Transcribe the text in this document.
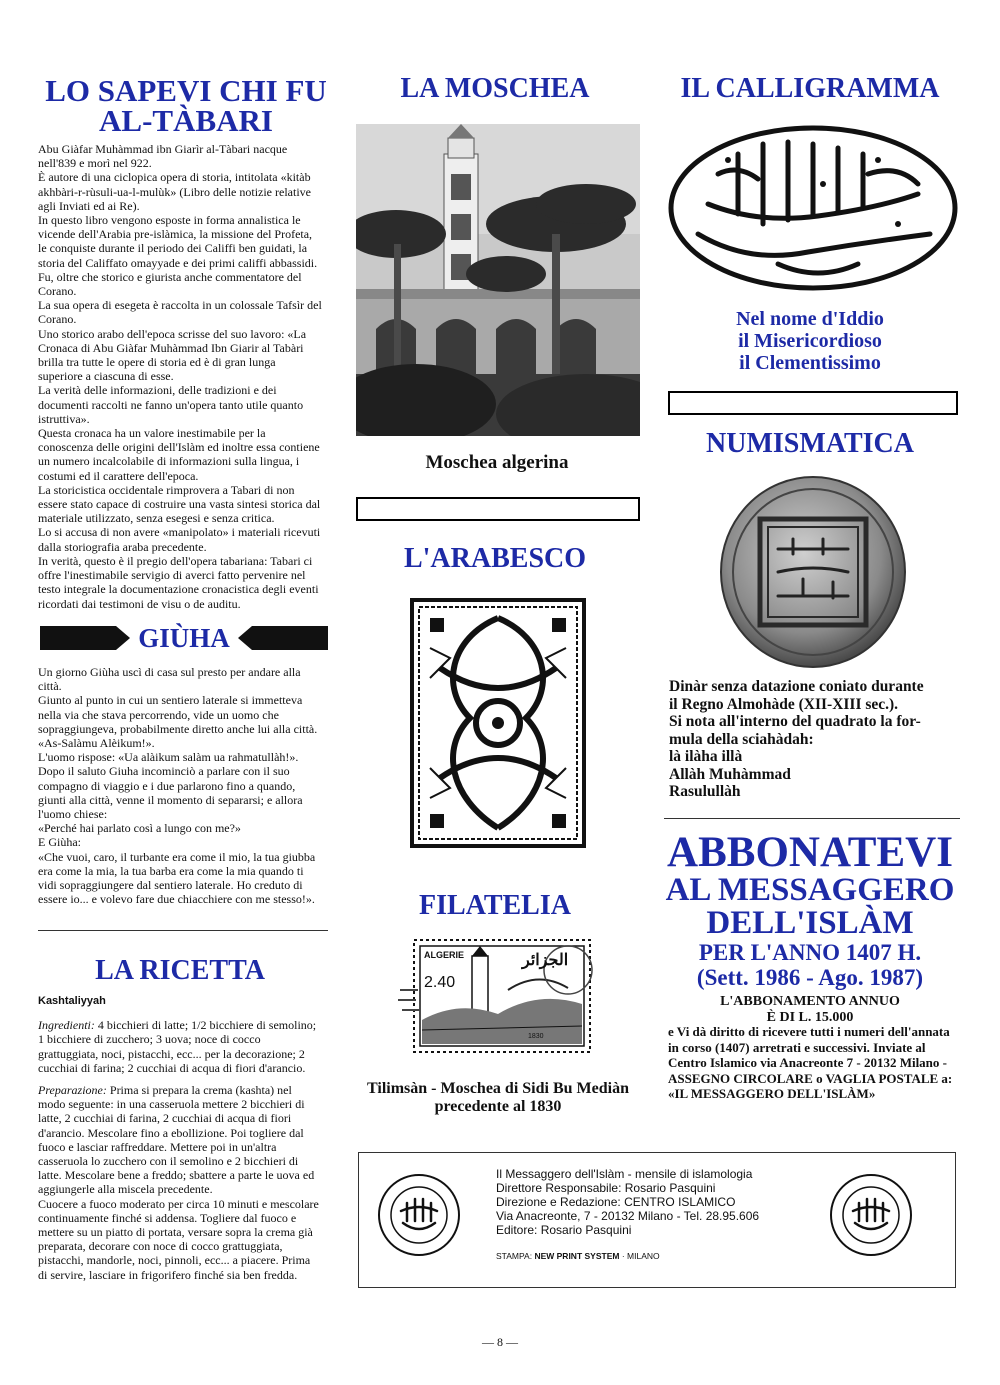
LO SAPEVI CHI FU
AL-TÀBARI

Abu Giàfar Muhàmmad ibn Giarìr al-Tàbari nacque nell'839 e morì nel 922.

È autore di una ciclopica opera di storia, intitolata «kitàb akhbàri-r-rùsuli-ua-l-mulùk» (Libro delle notizie relative agli Inviati ed ai Re).

In questo libro vengono esposte in forma annalistica le vicende dell'Arabia pre-islàmica, la missione del Profeta, le conquiste durante il periodo dei Califfi ben guidati, la storia del Califfato omayyade e dei primi califfi abbassidi.

Fu, oltre che storico e giurista anche commentatore del Corano.

La sua opera di esegeta è raccolta in un colossale Tafsìr del Corano.

Uno storico arabo dell'epoca scrisse del suo lavoro: «La Cronaca di Abu Giàfar Muhàmmad Ibn Giarir al Tabàri brilla tra tutte le opere di storia ed è di gran lunga superiore a ciascuna di esse.

La verità delle informazioni, delle tradizioni e dei documenti raccolti ne fanno un'opera tanto utile quanto istruttiva».

Questa cronaca ha un valore inestimabile per la conoscenza delle origini dell'Islàm ed inoltre essa contiene un numero incalcolabile di informazioni sulla lingua, i costumi ed il carattere dell'epoca.

La storicistica occidentale rimprovera a Tabari di non essere stato capace di costruire una vasta sintesi storica dal materiale utilizzato, senza esegesi e senza critica.

Lo si accusa di non avere «manipolato» i materiali ricevuti dalla storiografia araba precedente.

In verità, questo è il pregio dell'opera tabariana: Tabari ci offre l'inestimabile servigio di averci fatto pervenire nel testo integrale la documentazione cronacistica degli eventi ricordati dai testimoni de visu o de auditu.

GIÙHA

Un giorno Giùha uscì di casa sul presto per andare alla città.

Giunto al punto in cui un sentiero laterale si immetteva nella via che stava percorrendo, vide un uomo che sopraggiungeva, probabilmente diretto anche lui alla città.

«As-Salàmu Alèikum!».

L'uomo rispose: «Ua alàikum salàm ua rahmatullàh!».

Dopo il saluto Giuha incominciò a parlare con il suo compagno di viaggio e i due parlarono fino a quando, giunti alla città, venne il momento di separarsi; e allora l'uomo chiese:

«Perché hai parlato così a lungo con me?»

E Giùha:

«Che vuoi, caro, il turbante era come il mio, la tua giubba era come la mia, la tua barba era come la mia quando ti vidi sopraggiungere dal sentiero laterale. Ho creduto di essere io... e volevo fare due chiacchiere con me stesso!».

LA RICETTA

Kashtaliyyah

Ingredienti: 4 bicchieri di latte; 1/2 bicchiere di semolino; 1 bicchiere di zucchero; 3 uova; noce di cocco grattuggiata, noci, pistacchi, ecc... per la decorazione; 2 cucchiai di farina; 2 cucchiai di acqua di fiori d'arancio.

Preparazione: Prima si prepara la crema (kashta) nel modo seguente: in una casseruola mettere 2 bicchieri di latte, 2 cucchiai di farina, 2 cucchiai di acqua di fiori d'arancio. Mescolare fino a ebollizione. Poi togliere dal fuoco e lasciar raffreddare. Mettere poi in un'altra casseruola lo zucchero con il semolino e 2 bicchieri di latte. Mescolare bene a freddo; sbattere a parte le uova ed aggiungerle alla miscela precedente.

Cuocere a fuoco moderato per circa 10 minuti e mescolare continuamente finché si addensa. Togliere dal fuoco e mettere su un piatto di portata, versare sopra la crema già preparata, decorare con noce di cocco grattuggiata, pistacchi, mandorle, noci, pinnoli, ecc... a piacere. Prima di servire, lasciare in frigorifero finché sia ben fredda.

LA MOSCHEA
Moschea algerina
L'ARABESCO
FILATELIA
ALGERIE
2.40
الجزائر
1830
Tilimsàn - Moschea di Sidi Bu Mediàn
precedente al 1830
IL CALLIGRAMMA
Nel nome d'Iddio
il Misericordioso
il Clementissimo
NUMISMATICA
Dinàr senza datazione coniato durante
il Regno Almohàde (XII-XIII sec.).
Si nota all'interno del quadrato la for-
mula della sciahàdah:
là ilàha illà
Allàh Muhàmmad
Rasulullàh
ABBONATEVI
AL MESSAGGERO
DELL'ISLÀM
PER L'ANNO 1407 H.
(Sett. 1986 - Ago. 1987)
L'ABBONAMENTO ANNUO
È DI L. 15.000
e Vi dà diritto di ricevere tutti i numeri dell'annata in corso (1407) arretrati e successivi. Inviate al Centro Islamico via Anacreonte 7 - 20132 Milano - ASSEGNO CIRCOLARE o VAGLIA POSTALE a:
«IL MESSAGGERO DELL'ISLÀM»
Il Messaggero dell'Islàm - mensile di islamologia
Direttore Responsabile: Rosario Pasquini
Direzione e Redazione: CENTRO ISLAMICO
Via Anacreonte, 7 - 20132 Milano - Tel. 28.95.606
Editore: Rosario Pasquini
STAMPA: NEW PRINT SYSTEM · MILANO
— 8 —
